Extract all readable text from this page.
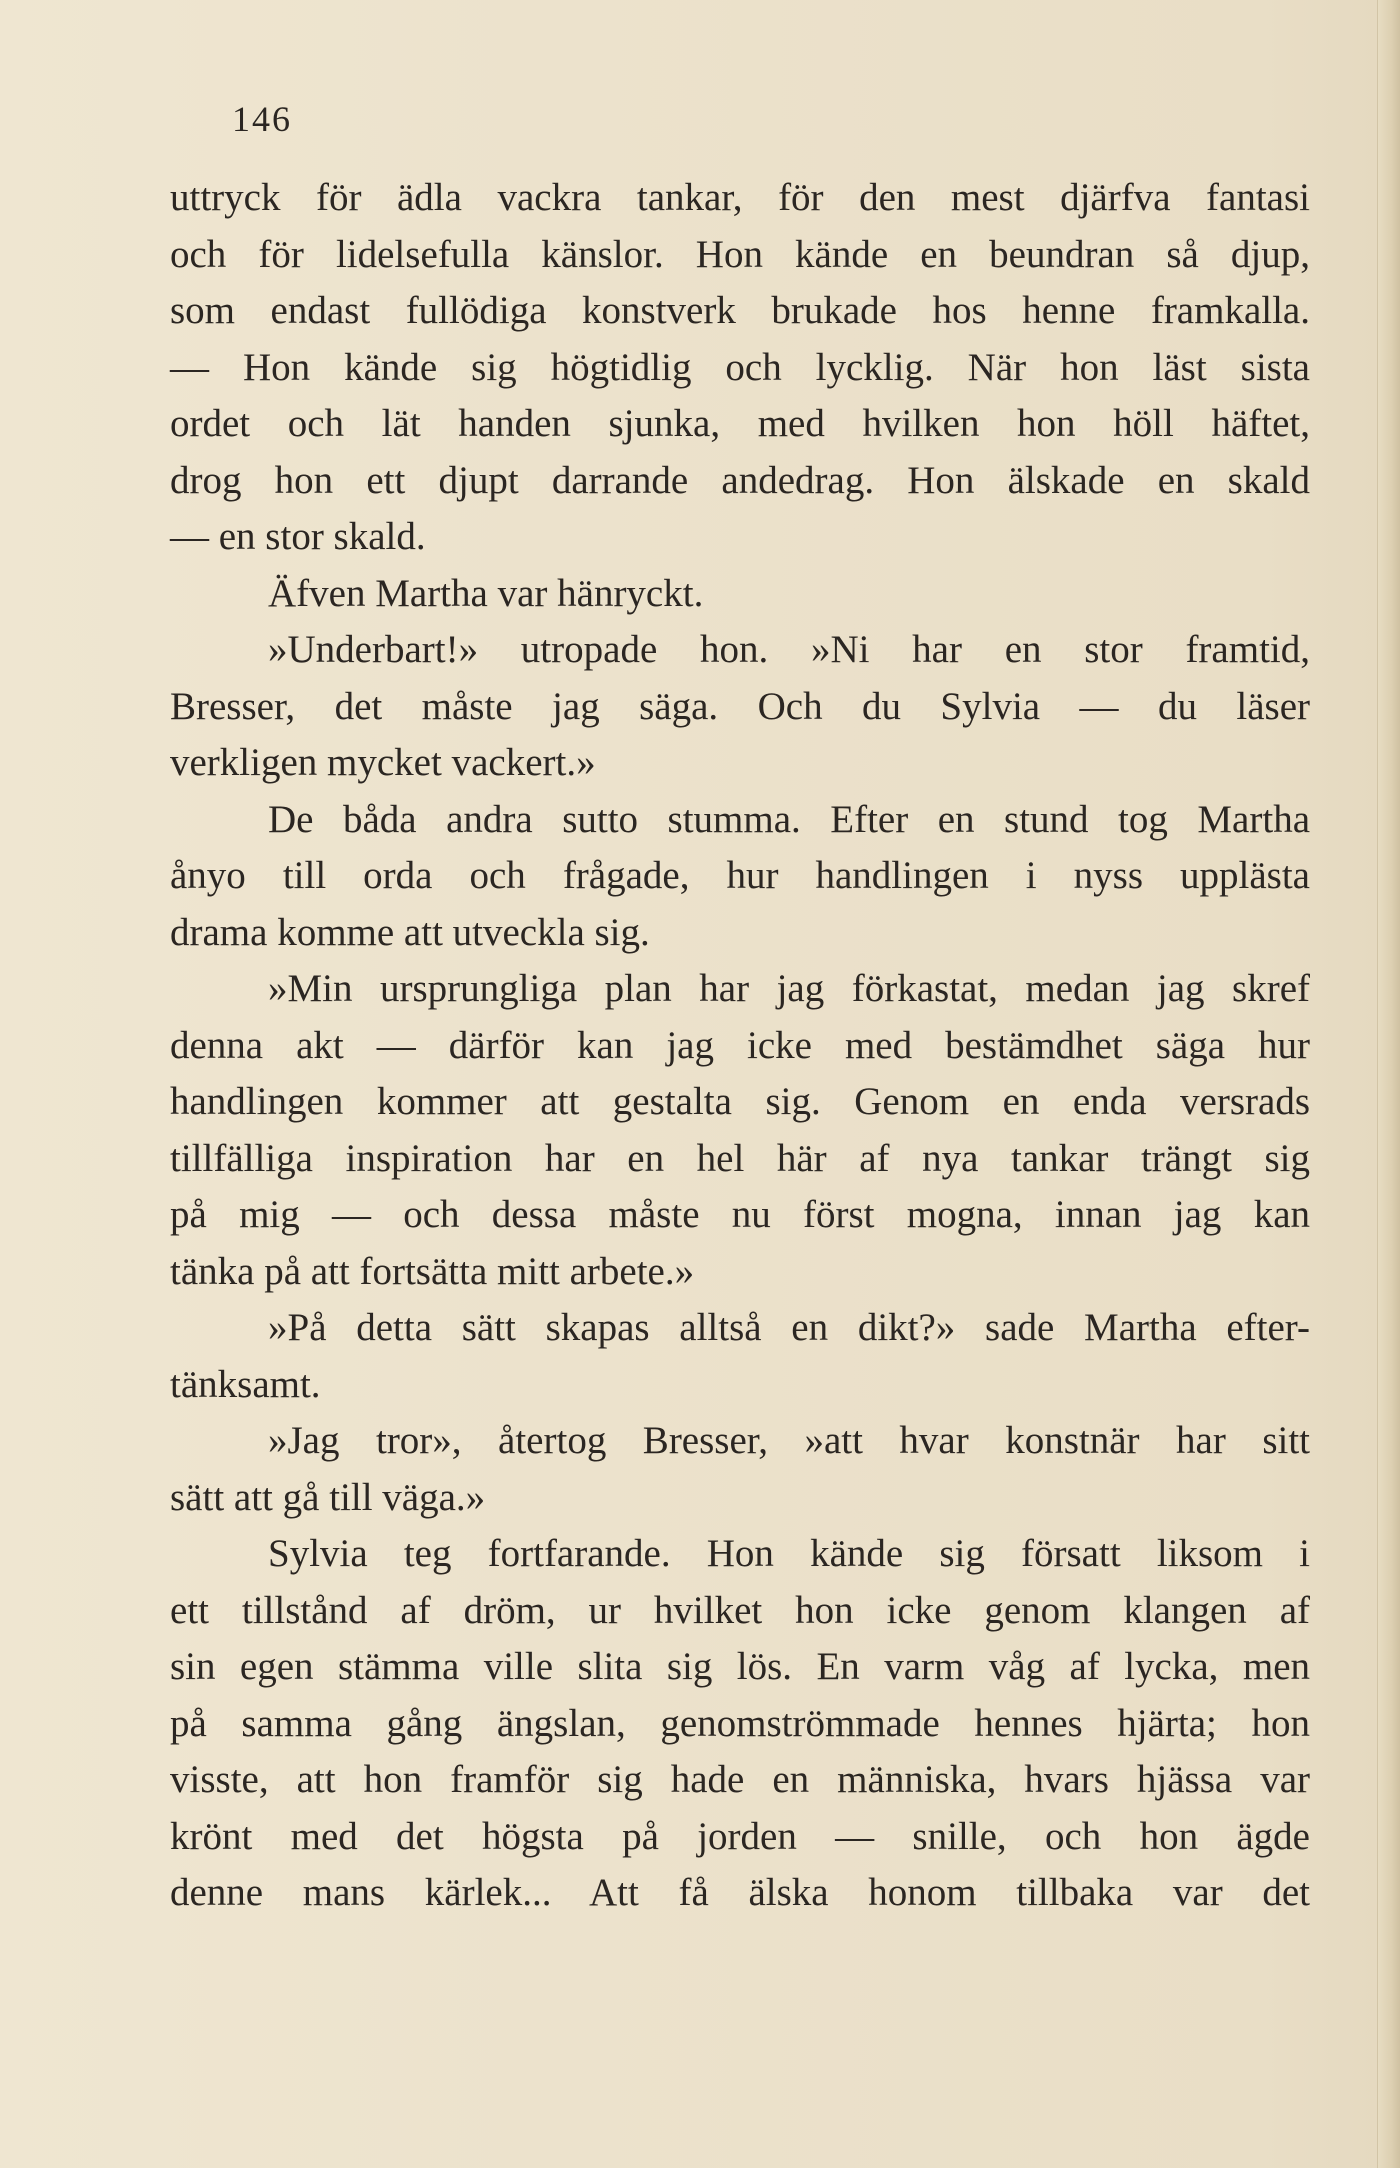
146
uttryck för ädla vackra tankar, för den mest djärfva fantasi
och för lidelsefulla känslor. Hon kände en beundran så djup,
som endast fullödiga konstverk brukade hos henne framkalla.
— Hon kände sig högtidlig och lycklig. När hon läst sista
ordet och lät handen sjunka, med hvilken hon höll häftet,
drog hon ett djupt darrande andedrag. Hon älskade en skald
— en stor skald.
Äfven Martha var hänryckt.
»Underbart!» utropade hon. »Ni har en stor framtid,
Bresser, det måste jag säga. Och du Sylvia — du läser
verkligen mycket vackert.»
De båda andra sutto stumma. Efter en stund tog Martha
ånyo till orda och frågade, hur handlingen i nyss upplästa
drama komme att utveckla sig.
»Min ursprungliga plan har jag förkastat, medan jag skref
denna akt — därför kan jag icke med bestämdhet säga hur
handlingen kommer att gestalta sig. Genom en enda versrads
tillfälliga inspiration har en hel här af nya tankar trängt sig
på mig — och dessa måste nu först mogna, innan jag kan
tänka på att fortsätta mitt arbete.»
»På detta sätt skapas alltså en dikt?» sade Martha efter-
tänksamt.
»Jag tror», återtog Bresser, »att hvar konstnär har sitt
sätt att gå till väga.»
Sylvia teg fortfarande. Hon kände sig försatt liksom i
ett tillstånd af dröm, ur hvilket hon icke genom klangen af
sin egen stämma ville slita sig lös. En varm våg af lycka, men
på samma gång ängslan, genomströmmade hennes hjärta; hon
visste, att hon framför sig hade en människa, hvars hjässa var
krönt med det högsta på jorden — snille, och hon ägde
denne mans kärlek... Att få älska honom tillbaka var det
